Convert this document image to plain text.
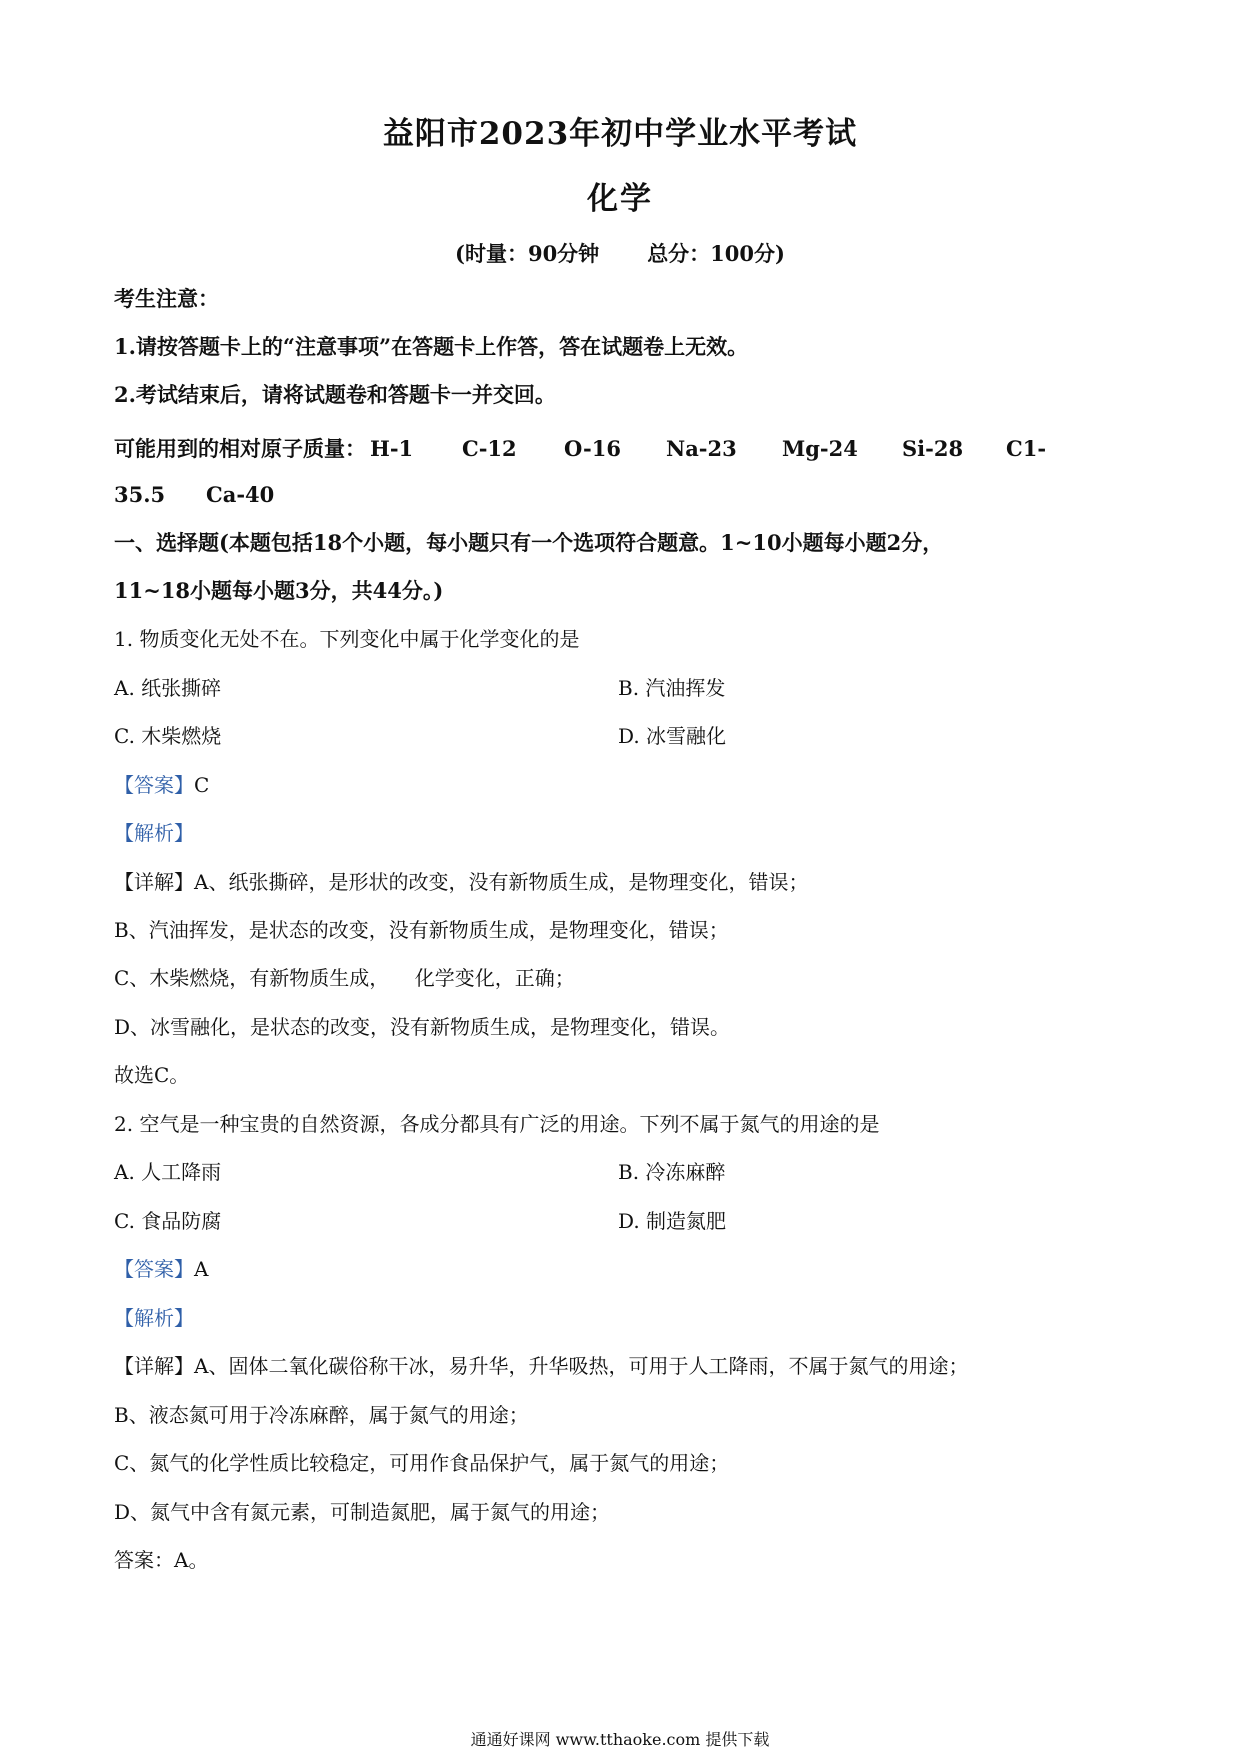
益阳市2023年初中学业水平考试
化学
(时量：90分钟 总分：100分)
考生注意：
1.请按答题卡上的“注意事项”在答题卡上作答，答在试题卷上无效。
2.考试结束后，请将试题卷和答题卡一并交回。
可能用到的相对原子质量： H-1 C-12 O-16 Na-23 Mg-24 Si-28 C1-
35.5 Ca-40
一、选择题(本题包括18个小题，每小题只有一个选项符合题意。1~10小题每小题2分，
11~18小题每小题3分，共44分。)
1. 物质变化无处不在。下列变化中属于化学变化的是
A. 纸张撕碎	B. 汽油挥发
C. 木柴燃烧	D. 冰雪融化
【答案】C
【解析】
【详解】A、纸张撕碎，是形状的改变，没有新物质生成，是物理变化，错误；
B、汽油挥发，是状态的改变，没有新物质生成，是物理变化，错误；
C、木柴燃烧，有新物质生成，    化学变化，正确；
D、冰雪融化，是状态的改变，没有新物质生成，是物理变化，错误。
故选C。
2. 空气是一种宝贵的自然资源，各成分都具有广泛的用途。下列不属于氮气的用途的是
A. 人工降雨	B. 冷冻麻醉
C. 食品防腐	D. 制造氮肥
【答案】A
【解析】
【详解】A、固体二氧化碳俗称干冰，易升华，升华吸热，可用于人工降雨，不属于氮气的用途；
B、液态氮可用于冷冻麻醉，属于氮气的用途；
C、氮气的化学性质比较稳定，可用作食品保护气，属于氮气的用途；
D、氮气中含有氮元素，可制造氮肥，属于氮气的用途；
答案：A。
通通好课网 www.tthaoke.com 提供下载
